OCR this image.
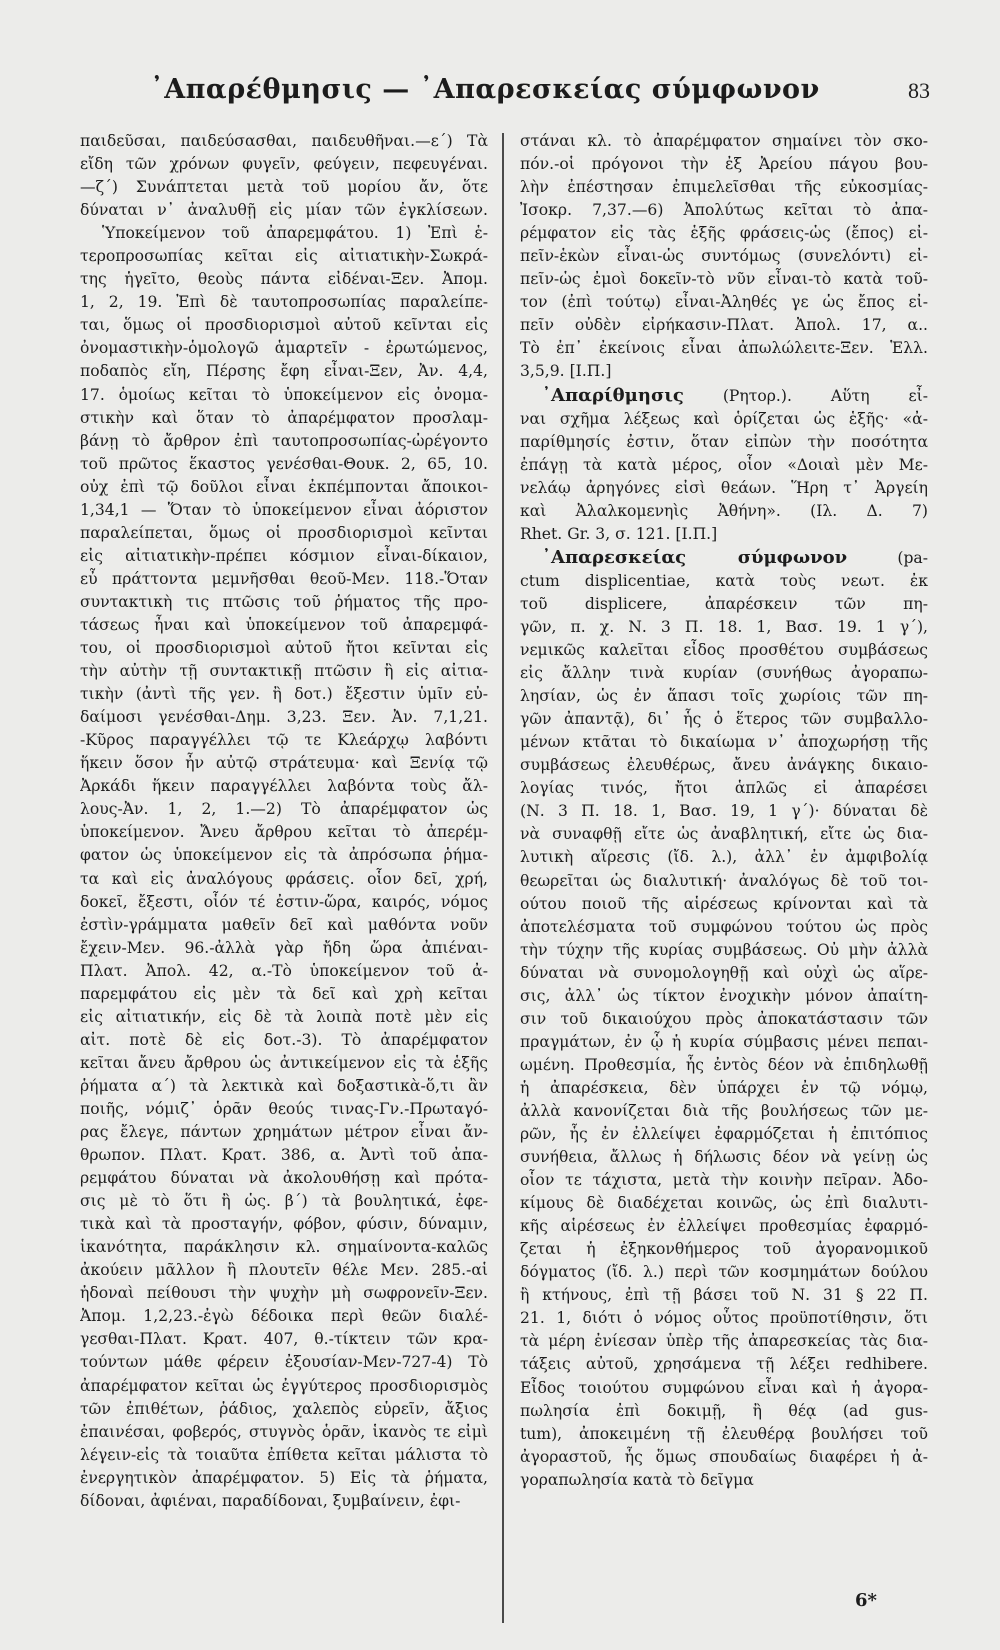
᾿Απαρέθμησις — ᾿Απαρεσκείας σύμφωνον	83
παιδεῦσαι, παιδεύσασθαι, παιδευθῆναι.—ε΄) Τὰ
εἴδη τῶν χρόνων φυγεῖν, φεύγειν, πεφευγέναι.
—ζ΄) Συνάπτεται μετὰ τοῦ μορίου ἄν, ὅτε
δύναται ν᾿ ἀναλυθῇ εἰς μίαν τῶν ἐγκλίσεων.
Ὑποκείμενον τοῦ ἀπαρεμφάτου. 1) Ἐπὶ ἑ-
τεροπροσωπίας κεῖται εἰς αἰτιατικὴν-Σωκρά-
της ἡγεῖτο, θεοὺς πάντα εἰδέναι-Ξεν. Ἀπομ.
1, 2, 19. Ἐπὶ δὲ ταυτοπροσωπίας παραλείπε-
ται, ὅμως οἱ προσδιορισμοὶ αὐτοῦ κεῖνται εἰς
ὀνομαστικὴν-ὁμολογῶ ἁμαρτεῖν - ἐρωτώμενος,
ποδαπὸς εἴη, Πέρσης ἔφη εἶναι-Ξεν, Ἀν. 4,4,
17. ὁμοίως κεῖται τὸ ὑποκείμενον εἰς ὀνομα-
στικὴν καὶ ὅταν τὸ ἀπαρέμφατον προσλαμ-
βάνῃ τὸ ἄρθρον ἐπὶ ταυτοπροσωπίας-ὠρέγοντο
τοῦ πρῶτος ἕκαστος γενέσθαι-Θουκ. 2, 65, 10.
οὐχ ἐπὶ τῷ δοῦλοι εἶναι ἐκπέμπονται ἄποικοι-
1,34,1 — Ὅταν τὸ ὑποκείμενον εἶναι ἀόριστον
παραλείπεται, ὅμως οἱ προσδιορισμοὶ κεῖνται
εἰς αἰτιατικὴν-πρέπει κόσμιον εἶναι-δίκαιον,
εὖ πράττοντα μεμνῆσθαι θεοῦ-Μεν. 118.-Ὅταν
συντακτικὴ τις πτῶσις τοῦ ῥήματος τῆς προ-
τάσεως ἦναι καὶ ὑποκείμενον τοῦ ἀπαρεμφά-
του, οἱ προσδιορισμοὶ αὐτοῦ ἤτοι κεῖνται εἰς
τὴν αὐτὴν τῇ συντακτικῇ πτῶσιν ἢ εἰς αἰτια-
τικὴν (ἀντὶ τῆς γεν. ἢ δοτ.) ἔξεστιν ὑμῖν εὐ-
δαίμοσι γενέσθαι-Δημ. 3,23. Ξεν. Ἀν. 7,1,21.
-Κῦρος παραγγέλλει τῷ τε Κλεάρχῳ λαβόντι
ἥκειν ὅσον ἦν αὐτῷ στράτευμα· καὶ Ξενίᾳ τῷ
Ἀρκάδι ἥκειν παραγγέλλει λαβόντα τοὺς ἄλ-
λους-Ἀν. 1, 2, 1.—2) Τὸ ἀπαρέμφατον ὡς
ὑποκείμενον. Ἄνευ ἄρθρου κεῖται τὸ ἀπερέμ-
φατον ὡς ὑποκείμενον εἰς τὰ ἀπρόσωπα ῥήμα-
τα καὶ εἰς ἀναλόγους φράσεις. οἷον δεῖ, χρή,
δοκεῖ, ἔξεστι, οἷόν τέ ἐστιν-ὥρα, καιρός, νόμος
ἐστὶν-γράμματα μαθεῖν δεῖ καὶ μαθόντα νοῦν
ἔχειν-Μεν. 96.-ἀλλὰ γὰρ ἤδη ὥρα ἀπιέναι-
Πλατ. Ἀπολ. 42, α.-Τὸ ὑποκείμενον τοῦ ἀ-
παρεμφάτου εἰς μὲν τὰ δεῖ καὶ χρὴ κεῖται
εἰς αἰτιατικήν, εἰς δὲ τὰ λοιπὰ ποτὲ μὲν εἰς
αἰτ. ποτὲ δὲ εἰς δοτ.-3). Τὸ ἀπαρέμφατον
κεῖται ἄνευ ἄρθρου ὡς ἀντικείμενον εἰς τὰ ἑξῆς
ῥήματα α΄) τὰ λεκτικὰ καὶ δοξαστικὰ-ὅ,τι ἂν
ποιῆς, νόμιζ᾿ ὁρᾶν θεούς τινας-Γν.-Πρωταγό-
ρας ἔλεγε, πάντων χρημάτων μέτρον εἶναι ἄν-
θρωπον. Πλατ. Κρατ. 386, α. Ἀντὶ τοῦ ἀπα-
ρεμφάτου δύναται νὰ ἀκολουθήσῃ καὶ πρότα-
σις μὲ τὸ ὅτι ἢ ὡς. β΄) τὰ βουλητικά, ἐφε-
τικὰ καὶ τὰ προσταγήν, φόβον, φύσιν, δύναμιν,
ἱκανότητα, παράκλησιν κλ. σημαίνοντα-καλῶς
ἀκούειν μᾶλλον ἢ πλουτεῖν θέλε Μεν. 285.-αἱ
ἡδοναὶ πείθουσι τὴν ψυχὴν μὴ σωφρονεῖν-Ξεν.
Ἀπομ. 1,2,23.-ἐγὼ δέδοικα περὶ θεῶν διαλέ-
γεσθαι-Πλατ. Κρατ. 407, θ.-τίκτειν τῶν κρα-
τούντων μάθε φέρειν ἐξουσίαν-Μεν-727-4) Τὸ
ἀπαρέμφατον κεῖται ὡς ἐγγύτερος προσδιορισμὸς
τῶν ἐπιθέτων, ῥάδιος, χαλεπὸς εὑρεῖν, ἄξιος
ἐπαινέσαι, φοβερός, στυγνὸς ὁρᾶν, ἱκανὸς τε εἰμὶ
λέγειν-εἰς τὰ τοιαῦτα ἐπίθετα κεῖται μάλιστα τὸ
ἐνεργητικὸν ἀπαρέμφατον. 5) Εἰς τὰ ῥήματα,
δίδοναι, ἀφιέναι, παραδίδοναι, ξυμβαίνειν, ἐφι-
στάναι κλ. τὸ ἀπαρέμφατον σημαίνει τὸν σκο-
πόν.-οἱ πρόγονοι τὴν ἐξ Ἀρείου πάγου βου-
λὴν ἐπέστησαν ἐπιμελεῖσθαι τῆς εὐκοσμίας-
Ἰσοκρ. 7,37.—6) Ἀπολύτως κεῖται τὸ ἀπα-
ρέμφατον εἰς τὰς ἑξῆς φράσεις-ὡς (ἔπος) εἰ-
πεῖν-ἑκὼν εἶναι-ὡς συντόμως (συνελόντι) εἰ-
πεῖν-ὡς ἐμοὶ δοκεῖν-τὸ νῦν εἶναι-τὸ κατὰ τοῦ-
τον (ἐπὶ τούτῳ) εἶναι-Ἀληθές γε ὡς ἔπος εἰ-
πεῖν οὐδὲν εἰρήκασιν-Πλατ. Ἀπολ. 17, α..
Τὸ ἐπ᾿ ἐκείνοις εἶναι ἀπωλώλειτε-Ξεν. Ἑλλ.
3,5,9. [Ι.Π.]
᾿Απαρίθμησις (Ρητορ.). Αὕτη εἶ-
ναι σχῆμα λέξεως καὶ ὁρίζεται ὡς ἑξῆς· «ἀ-
παρίθμησίς ἐστιν, ὅταν εἰπὼν τὴν ποσότητα
ἐπάγῃ τὰ κατὰ μέρος, οἷον «Δοιαὶ μὲν Με-
νελάῳ ἀρηγόνες εἰσὶ θεάων. Ἥρη τ᾿ Ἀργείη
καὶ Ἀλαλκομενηὶς Ἀθήνη». (Ιλ. Δ. 7)
Rhet. Gr. 3, σ. 121. [Ι.Π.]
᾿Απαρεσκείας σύμφωνον (pa-
ctum displicentiae, κατὰ τοὺς νεωτ. ἐκ
τοῦ displicere, ἀπαρέσκειν τῶν πη-
γῶν, π. χ. Ν. 3 Π. 18. 1, Βασ. 19. 1 γ΄),
νεμικῶς καλεῖται εἶδος προσθέτου συμβάσεως
εἰς ἄλλην τινὰ κυρίαν (συνήθως ἀγοραπω-
λησίαν, ὡς ἐν ἅπασι τοῖς χωρίοις τῶν πη-
γῶν ἀπαντᾷ), δι᾿ ἧς ὁ ἕτερος τῶν συμβαλλο-
μένων κτᾶται τὸ δικαίωμα ν᾿ ἀποχωρήσῃ τῆς
συμβάσεως ἐλευθέρως, ἄνευ ἀνάγκης δικαιο-
λογίας τινός, ἤτοι ἁπλῶς εἰ ἀπαρέσει
(Ν. 3 Π. 18. 1, Βασ. 19, 1 γ΄)· δύναται δὲ
νὰ συναφθῇ εἴτε ὡς ἀναβλητική, εἴτε ὡς δια-
λυτικὴ αἵρεσις (ἴδ. λ.), ἀλλ᾿ ἐν ἀμφιβολίᾳ
θεωρεῖται ὡς διαλυτική· ἀναλόγως δὲ τοῦ τοι-
ούτου ποιοῦ τῆς αἱρέσεως κρίνονται καὶ τὰ
ἀποτελέσματα τοῦ συμφώνου τούτου ὡς πρὸς
τὴν τύχην τῆς κυρίας συμβάσεως. Οὐ μὴν ἀλλὰ
δύναται νὰ συνομολογηθῇ καὶ οὐχὶ ὡς αἵρε-
σις, ἀλλ᾿ ὡς τίκτον ἐνοχικὴν μόνον ἀπαίτη-
σιν τοῦ δικαιούχου πρὸς ἀποκατάστασιν τῶν
πραγμάτων, ἐν ᾧ ἡ κυρία σύμβασις μένει πεπαι-
ωμένη. Προθεσμία, ἧς ἐντὸς δέον νὰ ἐπιδηλωθῇ
ἡ ἀπαρέσκεια, δὲν ὑπάρχει ἐν τῷ νόμῳ,
ἀλλὰ κανονίζεται διὰ τῆς βουλήσεως τῶν με-
ρῶν, ἧς ἐν ἐλλείψει ἐφαρμόζεται ἡ ἐπιτόπιος
συνήθεια, ἄλλως ἡ δήλωσις δέον νὰ γείνῃ ὡς
οἷον τε τάχιστα, μετὰ τὴν κοινὴν πεῖραν. Ἀδο-
κίμους δὲ διαδέχεται κοινῶς, ὡς ἐπὶ διαλυτι-
κῆς αἱρέσεως ἐν ἐλλείψει προθεσμίας ἐφαρμό-
ζεται ἡ ἐξηκονθήμερος τοῦ ἀγορανομικοῦ
δόγματος (ἴδ. λ.) περὶ τῶν κοσμημάτων δούλου
ἢ κτήνους, ἐπὶ τῇ βάσει τοῦ Ν. 31 § 22 Π.
21. 1, διότι ὁ νόμος οὗτος προϋποτίθησιν, ὅτι
τὰ μέρη ἐνίεσαν ὑπὲρ τῆς ἀπαρεσκείας τὰς δια-
τάξεις αὐτοῦ, χρησάμενα τῇ λέξει redhibere.
Εἶδος τοιούτου συμφώνου εἶναι καὶ ἡ ἀγορα-
πωλησία ἐπὶ δοκιμῇ, ἢ θέᾳ (ad gus-
tum), ἀποκειμένη τῇ ἐλευθέρᾳ βουλήσει τοῦ
ἀγοραστοῦ, ἧς ὅμως σπουδαίως διαφέρει ἡ ἀ-
γοραπωλησία κατὰ τὸ δεῖγμα
6*
